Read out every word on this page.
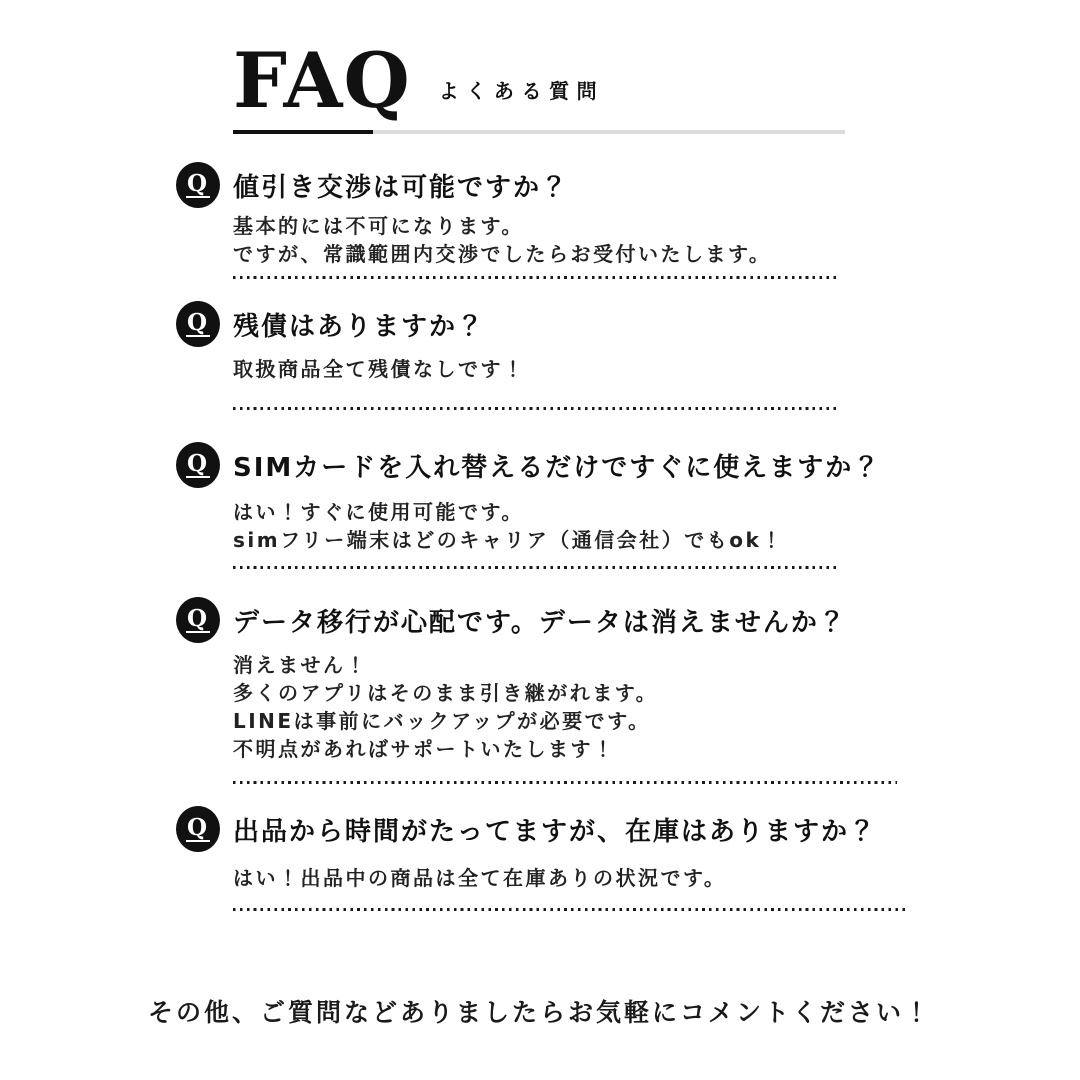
FAQ	よくある質問
Q 値引き交渉は可能ですか？

基本的には不可になります。

ですが、常識範囲内交渉でしたらお受付いたします。

Q 残債はありますか？

取扱商品全て残債なしです！

Q SIMカードを入れ替えるだけですぐに使えますか？

はい！すぐに使用可能です。

simフリー端末はどのキャリア（通信会社）でもok！

Q データ移行が心配です。データは消えませんか？

消えません！

多くのアプリはそのまま引き継がれます。

LINEは事前にバックアップが必要です。

不明点があればサポートいたします！

Q 出品から時間がたってますが、在庫はありますか？

はい！出品中の商品は全て在庫ありの状況です。

その他、ご質問などありましたらお気軽にコメントください！
